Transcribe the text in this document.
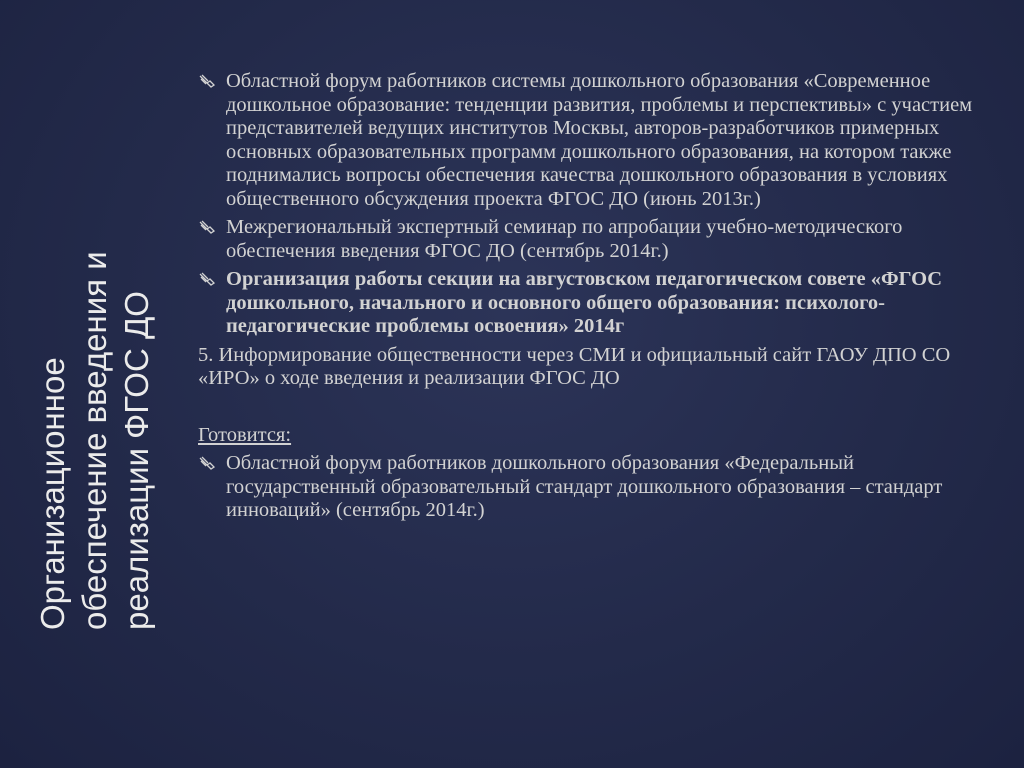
Организационное обеспечение введения и реализации ФГОС ДО
Областной форум работников системы дошкольного образования «Современное дошкольное образование: тенденции развития, проблемы и перспективы» с участием представителей ведущих институтов Москвы, авторов-разработчиков примерных основных образовательных программ дошкольного образования, на котором также поднимались вопросы обеспечения качества дошкольного образования в условиях общественного обсуждения проекта ФГОС ДО (июнь 2013г.)
Межрегиональный экспертный семинар по апробации учебно-методического обеспечения введения ФГОС ДО (сентябрь 2014г.)
Организация работы секции на августовском педагогическом совете «ФГОС дошкольного, начального и основного общего образования: психолого-педагогические проблемы освоения» 2014г
5. Информирование общественности через СМИ и официальный сайт ГАОУ ДПО СО «ИРО» о ходе введения и реализации ФГОС ДО
Готовится:
Областной форум работников дошкольного образования «Федеральный государственный образовательный стандарт дошкольного образования – стандарт инноваций» (сентябрь 2014г.)
